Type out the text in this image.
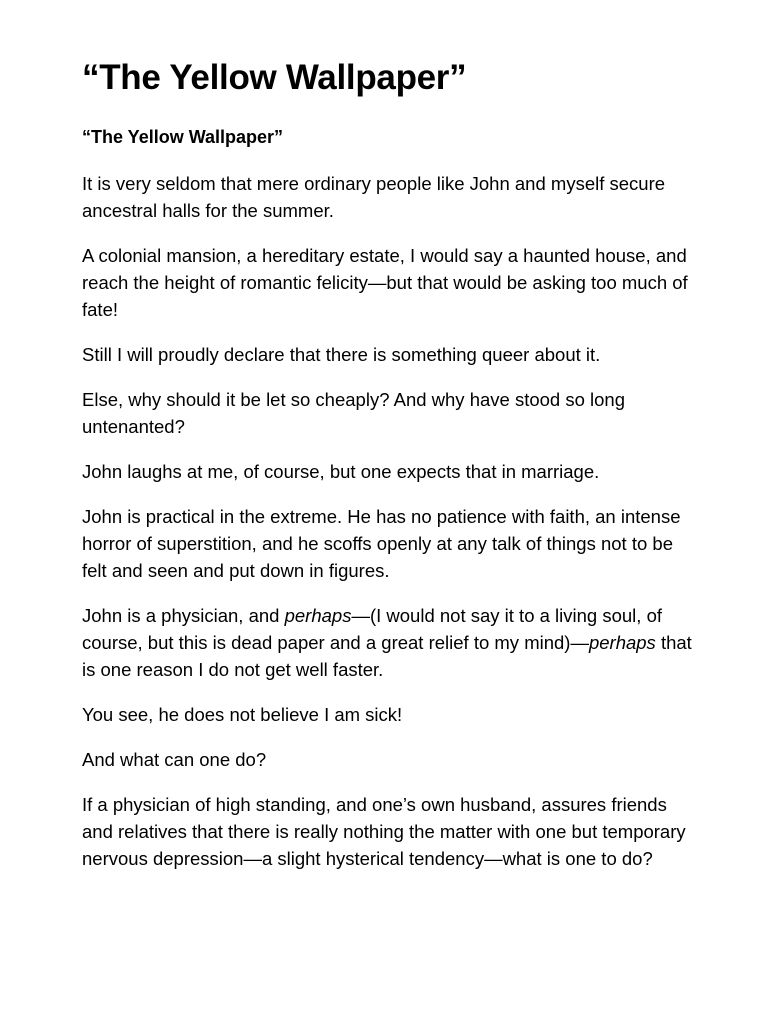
“The Yellow Wallpaper”
“The Yellow Wallpaper”

It is very seldom that mere ordinary people like John and myself secure ancestral halls for the summer.

A colonial mansion, a hereditary estate, I would say a haunted house, and reach the height of romantic felicity—but that would be asking too much of fate!

Still I will proudly declare that there is something queer about it.

Else, why should it be let so cheaply? And why have stood so long untenanted?

John laughs at me, of course, but one expects that in marriage.

John is practical in the extreme. He has no patience with faith, an intense horror of superstition, and he scoffs openly at any talk of things not to be felt and seen and put down in figures.

John is a physician, and perhaps—(I would not say it to a living soul, of course, but this is dead paper and a great relief to my mind)—perhaps that is one reason I do not get well faster.

You see, he does not believe I am sick!

And what can one do?

If a physician of high standing, and one’s own husband, assures friends and relatives that there is really nothing the matter with one but temporary nervous depression—a slight hysterical tendency—what is one to do?
